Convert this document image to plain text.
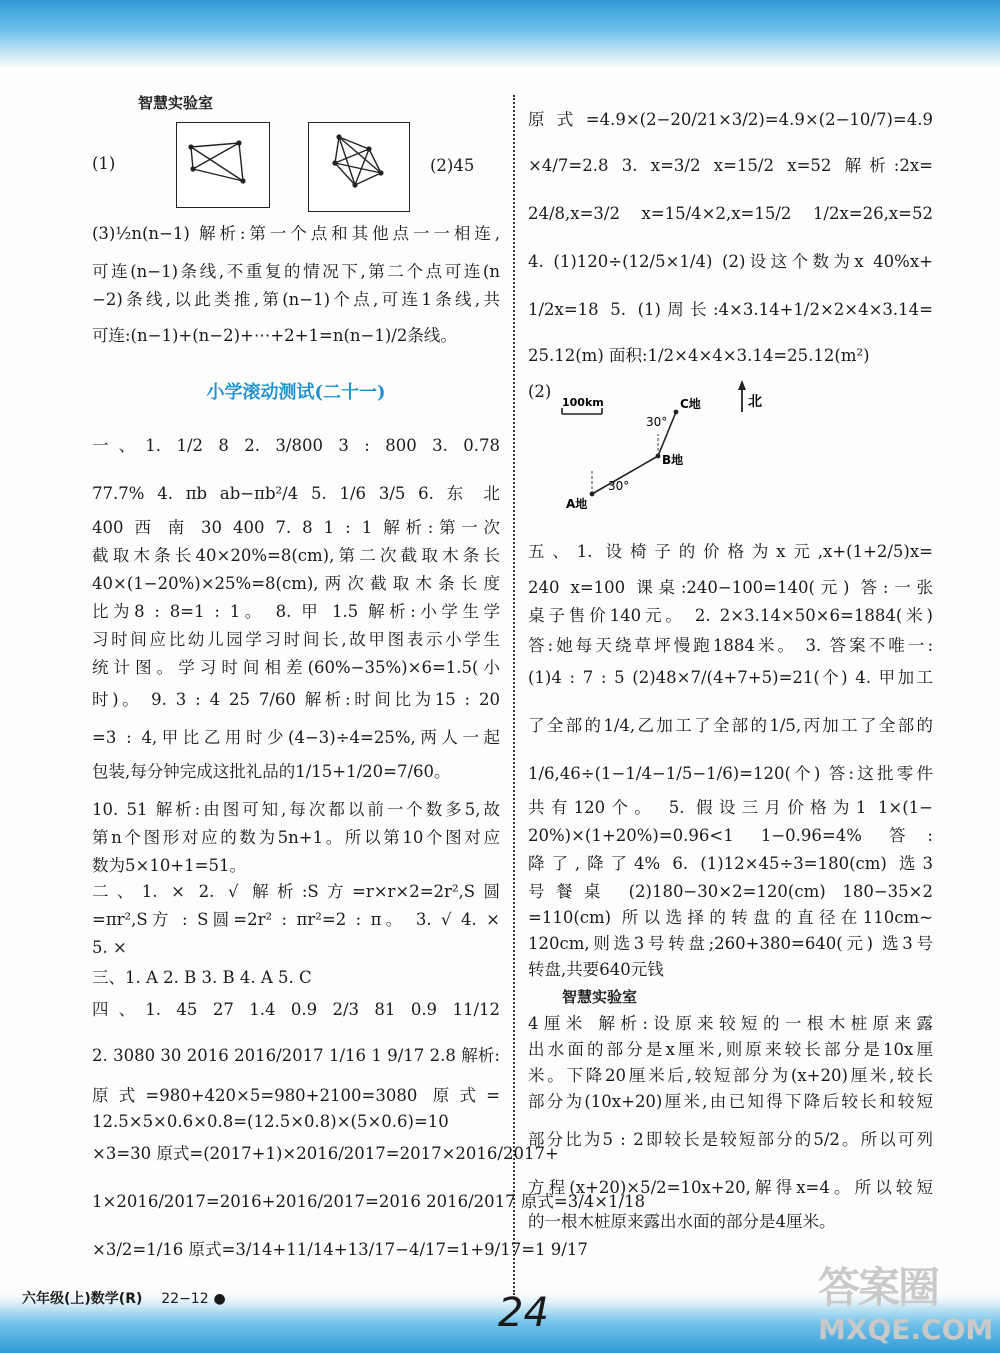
智慧实验室
(1)	(2)45
(3)½n(n−1) 解析:第一个点和其他点一一相连,
可连(n−1)条线,不重复的情况下,第二个点可连(n
−2)条线,以此类推,第(n−1)个点,可连1条线,共
可连:(n−1)+(n−2)+⋯+2+1=n(n−1)/2条线。
小学滚动测试(二十一)
一、1. 1/2 8 2. 3/800 3 : 800 3. 0.78
77.7% 4. πb ab−πb²/4 5. 1/6 3/5 6. 东 北
400 西 南 30 400 7. 8 1 : 1 解析:第一次
截取木条长40×20%=8(cm),第二次截取木条长
40×(1−20%)×25%=8(cm),两次截取木条长度
比为8 : 8=1 : 1。 8. 甲 1.5 解析:小学生学
习时间应比幼儿园学习时间长,故甲图表示小学生
统计图。学习时间相差(60%−35%)×6=1.5(小
时)。 9. 3 : 4 25 7/60 解析:时间比为15 : 20
=3 : 4,甲比乙用时少(4−3)÷4=25%,两人一起
包装,每分钟完成这批礼品的1/15+1/20=7/60。
10. 51 解析:由图可知,每次都以前一个数多5,故
第n个图形对应的数为5n+1。所以第10个图对应
数为5×10+1=51。
二、1. × 2. √ 解析:S方=r×r×2=2r²,S圆
=πr²,S方 : S圆=2r² : πr²=2 : π。 3. √ 4. ×
5. ×
三、1. A 2. B 3. B 4. A 5. C
四、1. 45 27 1.4 0.9 2/3 81 0.9 11/12
2. 3080 30 2016 2016/2017 1/16 1 9/17 2.8 解析:
原式=980+420×5=980+2100=3080 原式=
12.5×5×0.6×0.8=(12.5×0.8)×(5×0.6)=10
×3=30 原式=(2017+1)×2016/2017=2017×2016/2017+
1×2016/2017=2016+2016/2017=2016 2016/2017 原式=3/4×1/18
×3/2=1/16 原式=3/14+11/14+13/17−4/17=1+9/17=1 9/17
原式=4.9×(2−20/21×3/2)=4.9×(2−10/7)=4.9
×4/7=2.8 3. x=3/2 x=15/2 x=52 解析:2x=
24/8,x=3/2 x=15/4×2,x=15/2 1/2x=26,x=52
4. (1)120÷(12/5×1/4) (2)设这个数为x 40%x+
1/2x=18 5. (1)周长:4×3.14+1/2×2×4×3.14=
25.12(m) 面积:1/2×4×4×3.14=25.12(m²)
(2)
100km	北
C地
B地
A地
30°
30°
五、1. 设椅子的价格为x元,x+(1+2/5)x=
240 x=100 课桌:240−100=140(元) 答:一张
桌子售价140元。 2. 2×3.14×50×6=1884(米)
答:她每天绕草坪慢跑1884米。 3. 答案不唯一:
(1)4 : 7 : 5 (2)48×7/(4+7+5)=21(个) 4. 甲加工
了全部的1/4,乙加工了全部的1/5,丙加工了全部的
1/6,46÷(1−1/4−1/5−1/6)=120(个) 答:这批零件
共有120个。 5. 假设三月价格为1 1×(1−
20%)×(1+20%)=0.96<1 1−0.96=4% 答:
降了,降了4% 6. (1)12×45÷3=180(cm) 选3
号餐桌 (2)180−30×2=120(cm) 180−35×2
=110(cm) 所以选择的转盘的直径在110cm~
120cm,则选3号转盘;260+380=640(元) 选3号
转盘,共要640元钱
智慧实验室
4厘米 解析:设原来较短的一根木桩原来露
出水面的部分是x厘米,则原来较长部分是10x厘
米。下降20厘米后,较短部分为(x+20)厘米,较长
部分为(10x+20)厘米,由已知得下降后较长和较短
部分比为5 : 2即较长是较短部分的5/2。所以可列
方程(x+20)×5/2=10x+20,解得x=4。所以较短
的一根木桩原来露出水面的部分是4厘米。
六年级(上)数学(R) 22−12 ●	24
答案圈
MXQE.COM
